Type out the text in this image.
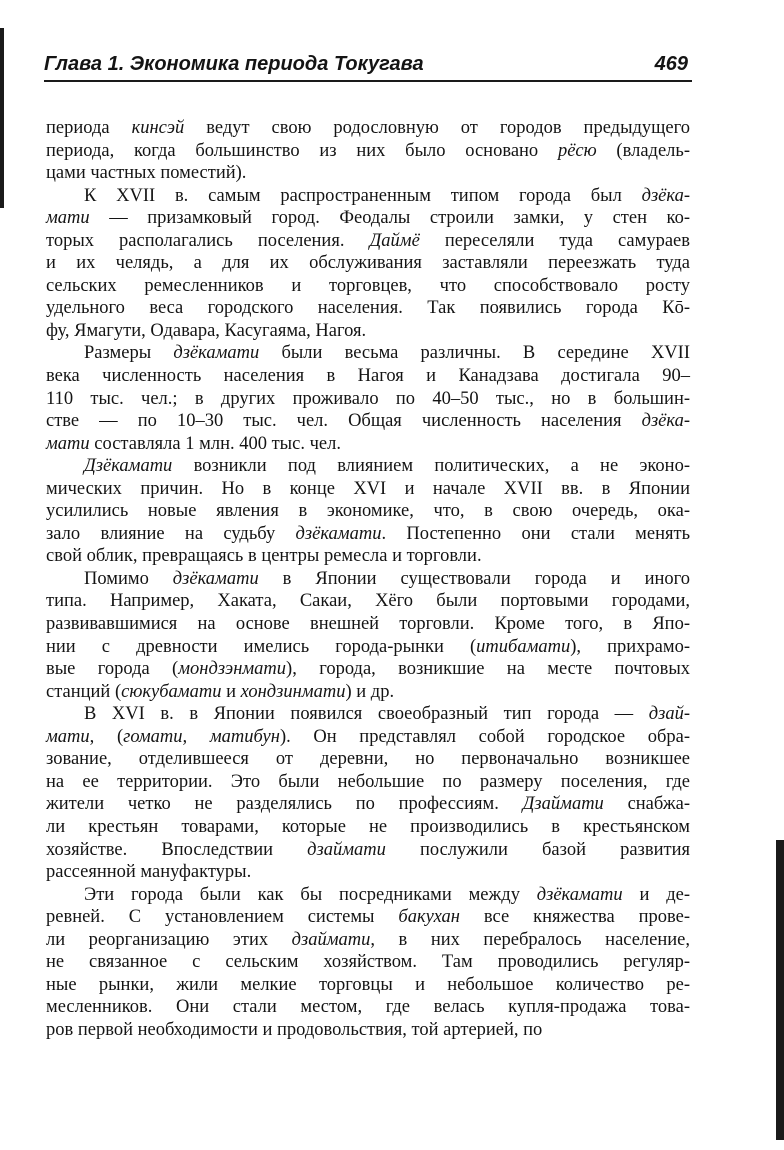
Глава 1. Экономика периода Токугава	469

периода кинсэй ведут свою родословную от городов предыдущего
периода, когда большинство из них было основано рёсю (владель-
цами частных поместий).

К XVII в. самым распространенным типом города был дзёка-
мати — призамковый город. Феодалы строили замки, у стен ко-
торых располагались поселения. Даймё переселяли туда самураев
и их челядь, а для их обслуживания заставляли переезжать туда
сельских ремесленников и торговцев, что способствовало росту
удельного веса городского населения. Так появились города Кō-
фу, Ямагути, Одавара, Касугаяма, Нагоя.

Размеры дзёкамати были весьма различны. В середине XVII
века численность населения в Нагоя и Канадзава достигала 90–
110 тыс. чел.; в других проживало по 40–50 тыс., но в большин-
стве — по 10–30 тыс. чел. Общая численность населения дзёка-
мати составляла 1 млн. 400 тыс. чел.

Дзёкамати возникли под влиянием политических, а не эконо-
мических причин. Но в конце XVI и начале XVII вв. в Японии
усилились новые явления в экономике, что, в свою очередь, ока-
зало влияние на судьбу дзёкамати. Постепенно они стали менять
свой облик, превращаясь в центры ремесла и торговли.

Помимо дзёкамати в Японии существовали города и иного
типа. Например, Хаката, Сакаи, Хёго были портовыми городами,
развивавшимися на основе внешней торговли. Кроме того, в Япо-
нии с древности имелись города-рынки (итибамати), прихрамо-
вые города (мондзэнмати), города, возникшие на месте почтовых
станций (сюкубамати и хондзинмати) и др.

В XVI в. в Японии появился своеобразный тип города — дзай-
мати, (гомати, матибун). Он представлял собой городское обра-
зование, отделившееся от деревни, но первоначально возникшее
на ее территории. Это были небольшие по размеру поселения, где
жители четко не разделялись по профессиям. Дзаймати снабжа-
ли крестьян товарами, которые не производились в крестьянском
хозяйстве. Впоследствии дзаймати послужили базой развития
рассеянной мануфактуры.

Эти города были как бы посредниками между дзёкамати и де-
ревней. С установлением системы бакухан все княжества прове-
ли реорганизацию этих дзаймати, в них перебралось население,
не связанное с сельским хозяйством. Там проводились регуляр-
ные рынки, жили мелкие торговцы и небольшое количество ре-
месленников. Они стали местом, где велась купля-продажа това-
ров первой необходимости и продовольствия, той артерией, по
